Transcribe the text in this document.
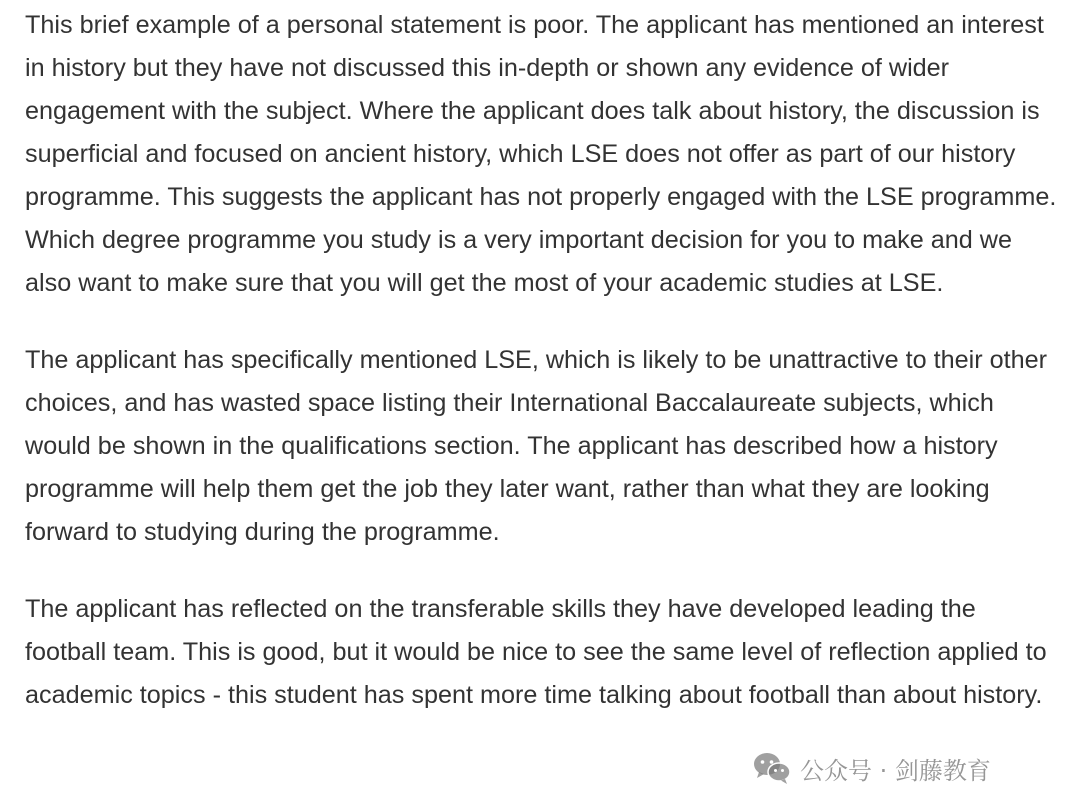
This brief example of a personal statement is poor. The applicant has mentioned an interest in history but they have not discussed this in-depth or shown any evidence of wider engagement with the subject. Where the applicant does talk about history, the discussion is superficial and focused on ancient history, which LSE does not offer as part of our history programme. This suggests the applicant has not properly engaged with the LSE programme. Which degree programme you study is a very important decision for you to make and we also want to make sure that you will get the most of your academic studies at LSE.

The applicant has specifically mentioned LSE, which is likely to be unattractive to their other choices, and has wasted space listing their International Baccalaureate subjects, which would be shown in the qualifications section. The applicant has described how a history programme will help them get the job they later want, rather than what they are looking forward to studying during the programme.

The applicant has reflected on the transferable skills they have developed leading the football team. This is good, but it would be nice to see the same level of reflection applied to academic topics - this student has spent more time talking about football than about history.

公众号 · 剑藤教育
